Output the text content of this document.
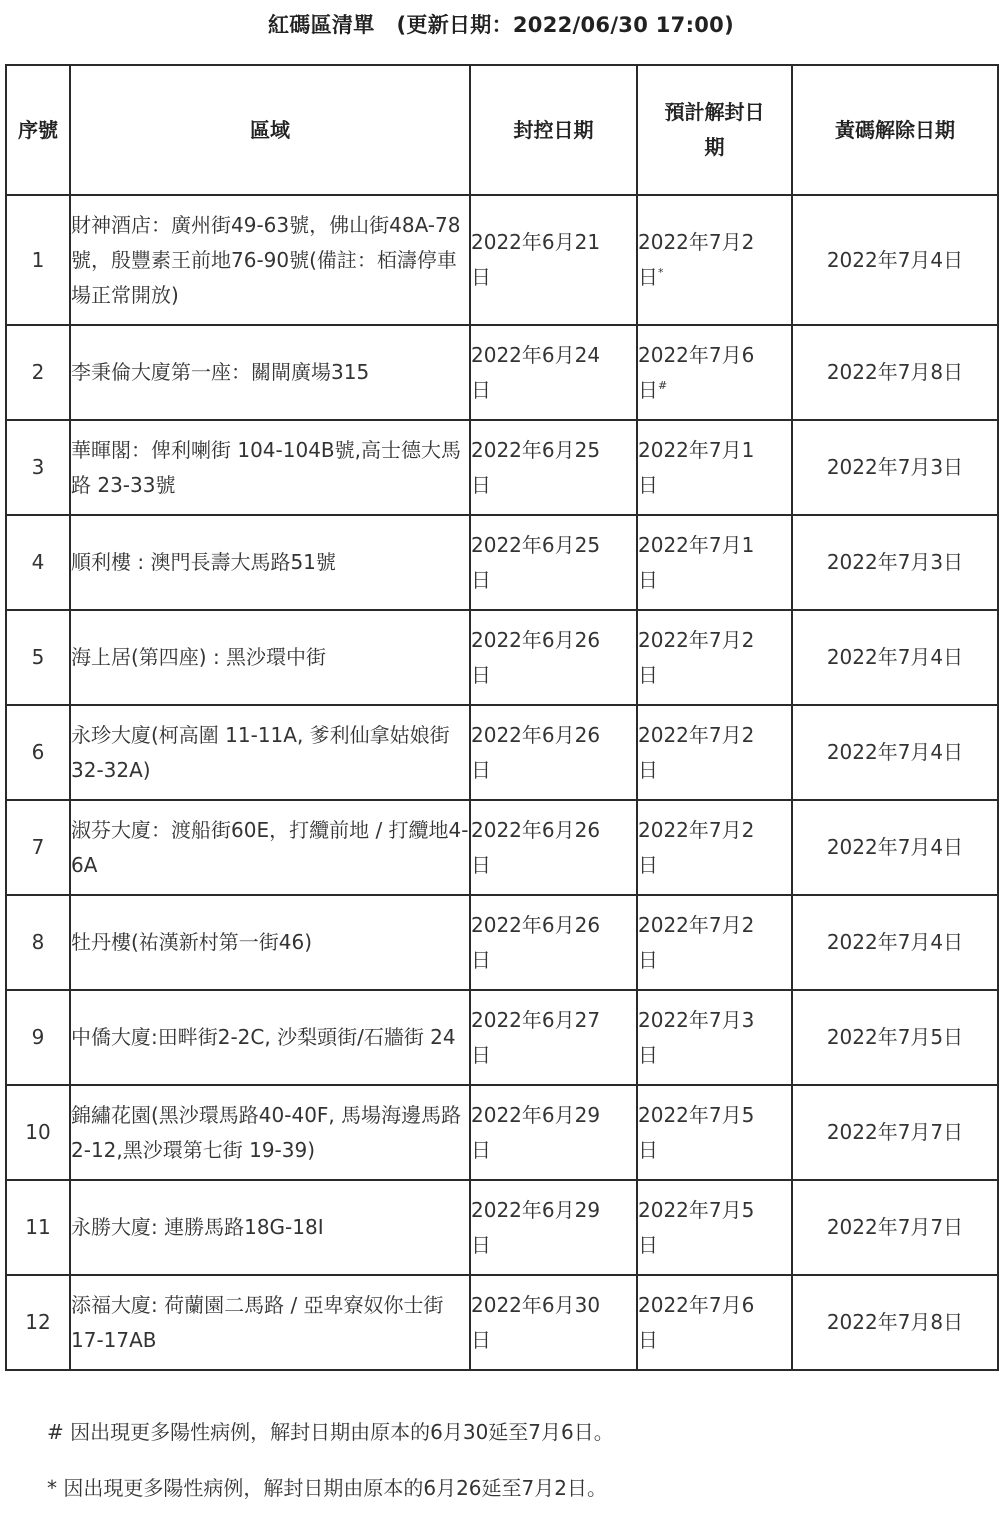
紅碼區清單 (更新日期：2022/06/30 17:00)
序號	區域	封控日期	預計解封日期	黃碼解除日期
1	財神酒店：廣州街49-63號，佛山街48A-78號，殷豐素王前地76-90號(備註：栢濤停車場正常開放)	2022年6月21日	2022年7月2日*	2022年7月4日
2	李秉倫大廈第一座：關閘廣場315	2022年6月24日	2022年7月6日#	2022年7月8日
3	華暉閣：俾利喇街 104-104B號,高士德大馬路 23-33號	2022年6月25日	2022年7月1日	2022年7月3日
4	順利樓 : 澳門長壽大馬路51號	2022年6月25日	2022年7月1日	2022年7月3日
5	海上居(第四座) : 黑沙環中街	2022年6月26日	2022年7月2日	2022年7月4日
6	永珍大廈(柯高圍 11-11A, 爹利仙拿姑娘街32-32A)	2022年6月26日	2022年7月2日	2022年7月4日
7	淑芬大廈：渡船街60E，打纜前地 / 打纜地4-6A	2022年6月26日	2022年7月2日	2022年7月4日
8	牡丹樓(祐漢新村第一街46)	2022年6月26日	2022年7月2日	2022年7月4日
9	中僑大廈:田畔街2-2C, 沙梨頭街/石牆街 24	2022年6月27日	2022年7月3日	2022年7月5日
10	錦繡花園(黑沙環馬路40-40F, 馬場海邊馬路 2-12,黑沙環第七街 19-39)	2022年6月29日	2022年7月5日	2022年7月7日
11	永勝大廈: 連勝馬路18G-18I	2022年6月29日	2022年7月5日	2022年7月7日
12	添福大廈: 荷蘭園二馬路 / 亞卑寮奴你士街 17-17AB	2022年6月30日	2022年7月6日	2022年7月8日

# 因出現更多陽性病例，解封日期由原本的6月30延至7月6日。

* 因出現更多陽性病例，解封日期由原本的6月26延至7月2日。
